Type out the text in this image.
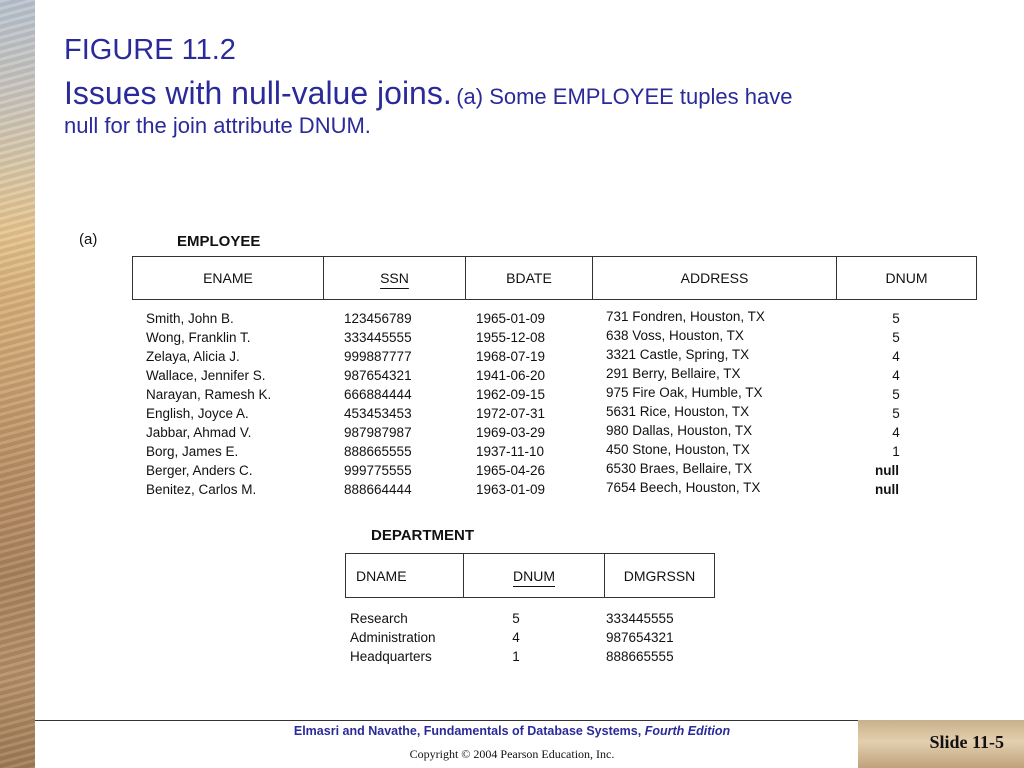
FIGURE 11.2
Issues with null-value joins. (a) Some EMPLOYEE tuples have
null for the join attribute DNUM.
(a)	EMPLOYEE
ENAME	SSN	BDATE	ADDRESS	DNUM
Smith, John B.	123456789	1965-01-09	731 Fondren, Houston, TX	5
Wong, Franklin T.	333445555	1955-12-08	638 Voss, Houston, TX	5
Zelaya, Alicia J.	999887777	1968-07-19	3321 Castle, Spring, TX	4
Wallace, Jennifer S.	987654321	1941-06-20	291 Berry, Bellaire, TX	4
Narayan, Ramesh K.	666884444	1962-09-15	975 Fire Oak, Humble, TX	5
English, Joyce A.	453453453	1972-07-31	5631 Rice, Houston, TX	5
Jabbar, Ahmad V.	987987987	1969-03-29	980 Dallas, Houston, TX	4
Borg, James E.	888665555	1937-11-10	450 Stone, Houston, TX	1
Berger, Anders C.	999775555	1965-04-26	6530 Braes, Bellaire, TX	null
Benitez, Carlos M.	888664444	1963-01-09	7654 Beech, Houston, TX	null
DEPARTMENT
DNAME	DNUM	DMGRSSN
Research	5	333445555
Administration	4	987654321
Headquarters	1	888665555
Elmasri and Navathe, Fundamentals of Database Systems, Fourth Edition
Copyright © 2004 Pearson Education, Inc.
Slide 11-5
